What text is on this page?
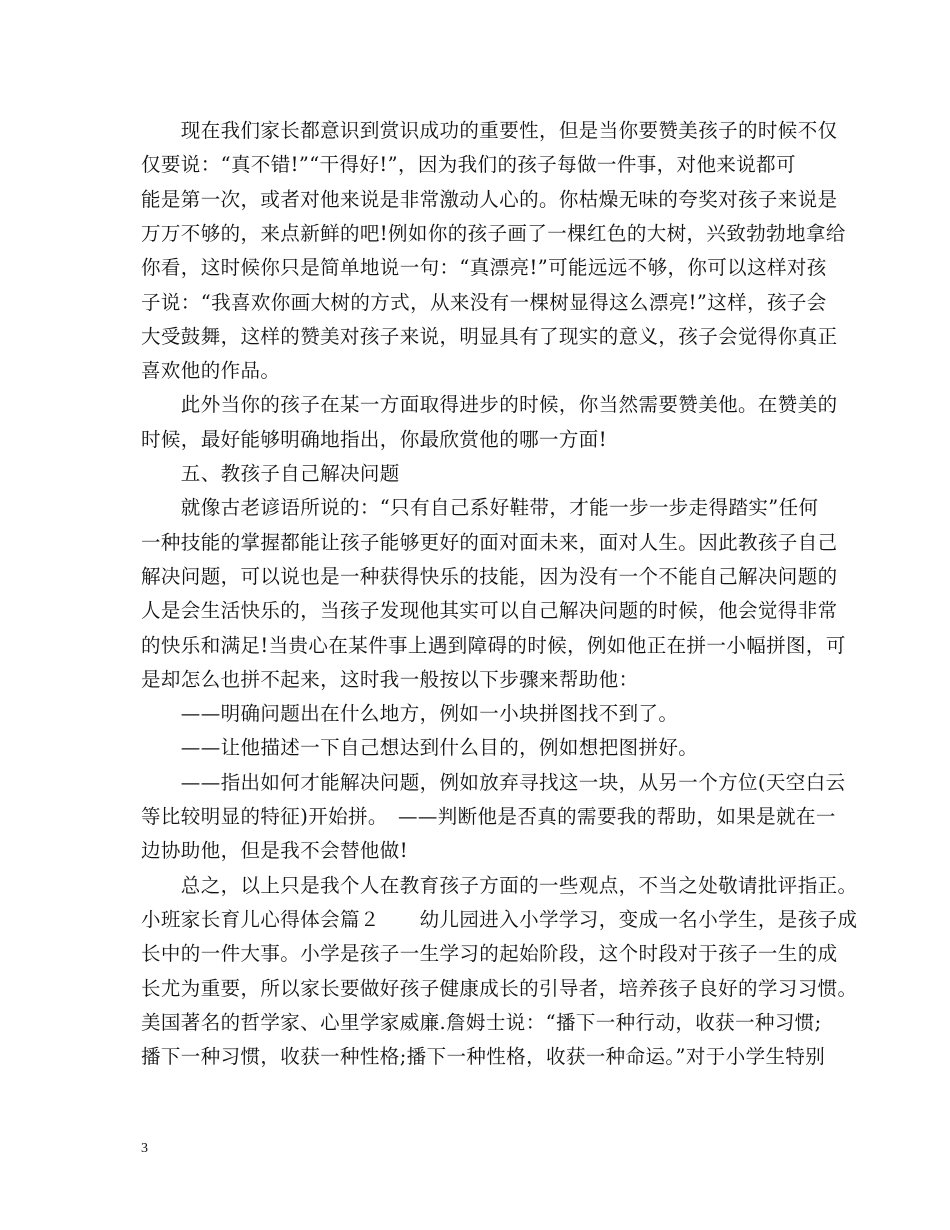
　　现在我们家长都意识到赏识成功的重要性，但是当你要赞美孩子的时候不仅
仅要说：“真不错!”“干得好!”，因为我们的孩子每做一件事，对他来说都可
能是第一次，或者对他来说是非常激动人心的。你枯燥无味的夸奖对孩子来说是
万万不够的，来点新鲜的吧!例如你的孩子画了一棵红色的大树，兴致勃勃地拿给
你看，这时候你只是简单地说一句：“真漂亮!”可能远远不够，你可以这样对孩
子说：“我喜欢你画大树的方式，从来没有一棵树显得这么漂亮!”这样，孩子会
大受鼓舞，这样的赞美对孩子来说，明显具有了现实的意义，孩子会觉得你真正
喜欢他的作品。
　　此外当你的孩子在某一方面取得进步的时候，你当然需要赞美他。在赞美的
时候，最好能够明确地指出，你最欣赏他的哪一方面!
　　五、教孩子自己解决问题
　　就像古老谚语所说的：“只有自己系好鞋带，才能一步一步走得踏实”任何
一种技能的掌握都能让孩子能够更好的面对面未来，面对人生。因此教孩子自己
解决问题，可以说也是一种获得快乐的技能，因为没有一个不能自己解决问题的
人是会生活快乐的，当孩子发现他其实可以自己解决问题的时候，他会觉得非常
的快乐和满足!当贵心在某件事上遇到障碍的时候，例如他正在拼一小幅拼图，可
是却怎么也拼不起来，这时我一般按以下步骤来帮助他：
　　——明确问题出在什么地方，例如一小块拼图找不到了。
　　——让他描述一下自己想达到什么目的，例如想把图拼好。
　　——指出如何才能解决问题，例如放弃寻找这一块，从另一个方位(天空白云
等比较明显的特征)开始拼。　——判断他是否真的需要我的帮助，如果是就在一
边协助他，但是我不会替他做!
　　总之，以上只是我个人在教育孩子方面的一些观点，不当之处敬请批评指正。
小班家长育儿心得体会篇２　　幼儿园进入小学学习，变成一名小学生，是孩子成
长中的一件大事。小学是孩子一生学习的起始阶段，这个时段对于孩子一生的成
长尤为重要，所以家长要做好孩子健康成长的引导者，培养孩子良好的学习习惯。
美国著名的哲学家、心里学家威廉.詹姆士说：“播下一种行动，收获一种习惯;
播下一种习惯，收获一种性格;播下一种性格，收获一种命运。”对于小学生特别
3
